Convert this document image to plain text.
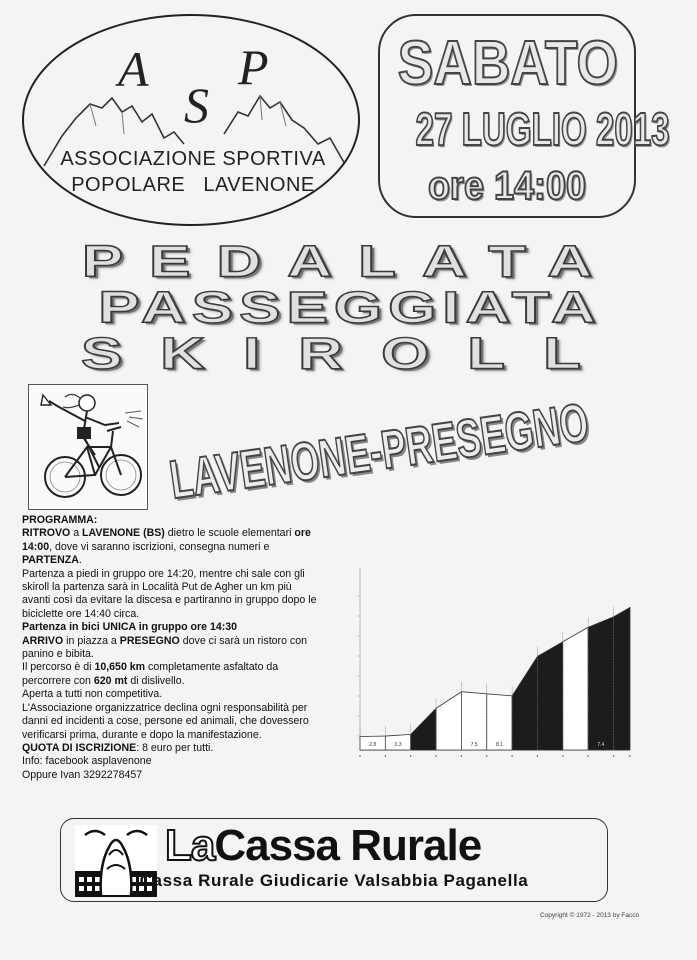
A
S
P
ASSOCIAZIONE SPORTIVA
POPOLARE LAVENONE
SABATO
27 LUGLIO 2013
ore 14:00
PEDALATA
PASSEGGIATA
SKIROLL
LAVENONE-PRESEGNO

PROGRAMMA:

RITROVO a LAVENONE (BS) dietro le scuole elementari ore 14:00, dove vi saranno iscrizioni, consegna numeri e PARTENZA.

Partenza a piedi in gruppo ore 14:20, mentre chi sale con gli skiroll la partenza sarà in Località Put de Agher un km più avanti così da evitare la discesa e partiranno in gruppo dopo le biciclette ore 14:40 circa.

Partenza in bici UNICA in gruppo ore 14:30

ARRIVO in piazza a PRESEGNO dove ci sarà un ristoro con panino e bibita.

Il percorso è di 10,650 km completamente asfaltato da percorrere con 620 mt di dislivello.

Aperta a tutti non competitiva.

L'Associazione organizzatrice declina ogni responsabilità per danni ed incidenti a cose, persone ed animali, che dovessero verificarsi prima, durante e dopo la manifestazione.

QUOTA DI ISCRIZIONE: 8 euro per tutti.

Info: facebook asplavenone

Oppure Ivan 3292278457

2.8	3.3	7.5	8.1	7.4
LaCassa Rurale
Cassa Rurale Giudicarie Valsabbia Paganella
Copyright © 1972 - 2013 by Facco
